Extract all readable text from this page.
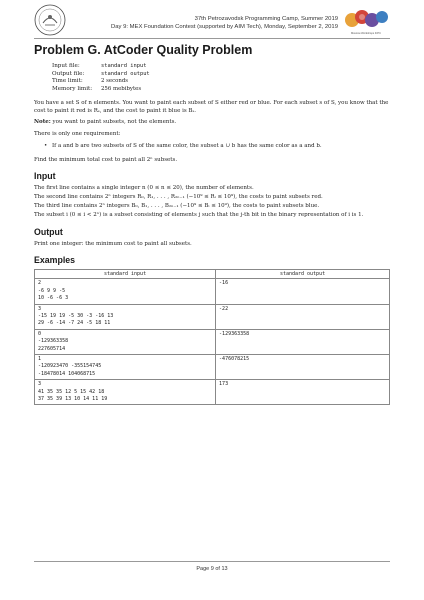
37th Petrozavodsk Programming Camp, Summer 2019
Day 9: MEX Foundation Contest (supported by AIM Tech), Monday, September 2, 2019
Moscow Workshops ICPC
Problem G. AtCoder Quality Problem
Input file:	standard input
Output file:	standard output
Time limit:	2 seconds
Memory limit:	256 mebibytes

You have a set S of n elements. You want to paint each subset of S either red or blue. For each subset s of S, you know that the cost to paint it red is Rₛ, and the cost to paint it blue is Bₛ.

Note: you want to paint subsets, not the elements.

There is only one requirement:

• If a and b are two subsets of S of the same color, the subset a ∪ b has the same color as a and b.

Find the minimum total cost to paint all 2ⁿ subsets.

Input

The first line contains a single integer n (0 ≤ n ≤ 20), the number of elements.

The second line contains 2ⁿ integers R₀, R₁, . . . , R₂ₙ₋₁ (−10⁹ ≤ Rᵢ ≤ 10⁹), the costs to paint subsets red.

The third line contains 2ⁿ integers B₀, B₁, . . . , B₂ₙ₋₁ (−10⁹ ≤ Bᵢ ≤ 10⁹), the costs to paint subsets blue.

The subset i (0 ≤ i < 2ⁿ) is a subset consisting of elements j such that the j-th bit in the binary representation of i is 1.

Output

Print one integer: the minimum cost to paint all subsets.

Examples
standard input	standard output

2
-6 9 9 -5
10 -6 -6 3	-16

3
-15 19 19 -5 30 -3 -16 13
29 -6 -14 -7 24 -5 18 11	-22

0
-129363358
227605714	-129363358

1
-120923470 -355154745
-18478014 104068715	-476078215

3
41 35 35 12 5 15 42 18
37 35 39 13 10 14 11 19	173
Page 9 of 13
